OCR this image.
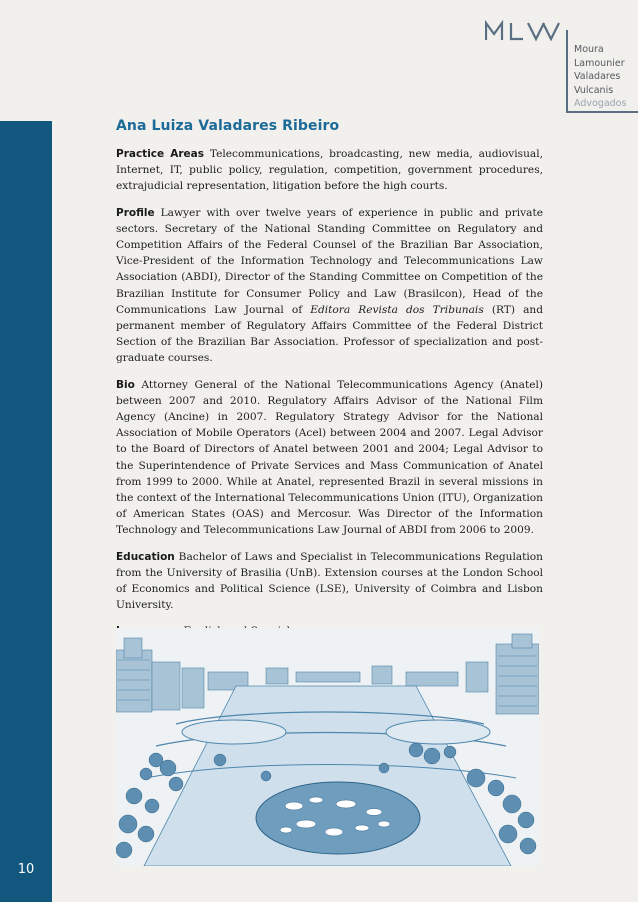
10
Moura
Lamounier
Valadares
Vulcanis
Advogados
Ana Luiza Valadares Ribeiro

Practice Areas Telecommunications, broadcasting, new media, audiovisual, Internet, IT, public policy, regulation, competition, government procedures, extrajudicial representation, litigation before the high courts.

Profile Lawyer with over twelve years of experience in public and private sectors. Secretary of the National Standing Committee on Regulatory and Competition Affairs of the Federal Counsel of the Brazilian Bar Association, Vice-President of the Information Technology and Telecommunications Law Association (ABDI), Director of the Standing Committee on Competition of the Brazilian Institute for Consumer Policy and Law (Brasilcon), Head of the Communications Law Journal of Editora Revista dos Tribunais (RT) and permanent member of Regulatory Affairs Committee of the Federal District Section of the Brazilian Bar Association. Professor of specialization and post-graduate courses.

Bio Attorney General of the National Telecommunications Agency (Anatel) between 2007 and 2010. Regulatory Affairs Advisor of the National Film Agency (Ancine) in 2007. Regulatory Strategy Advisor for the National Association of Mobile Operators (Acel) between 2004 and 2007. Legal Advisor to the Board of Directors of Anatel between 2001 and 2004; Legal Advisor to the Superintendence of Private Services and Mass Communication of Anatel from 1999 to 2000. While at Anatel, represented Brazil in several missions in the context of the International Telecommunications Union (ITU), Organization of American States (OAS) and Mercosur. Was Director of the Information Technology and Telecommunications Law Journal of ABDI from 2006 to 2009.

Education Bachelor of Laws and Specialist in Telecommunications Regulation from the University of Brasilia (UnB). Extension courses at the London School of Economics and Political Science (LSE), University of Coimbra and Lisbon University.
